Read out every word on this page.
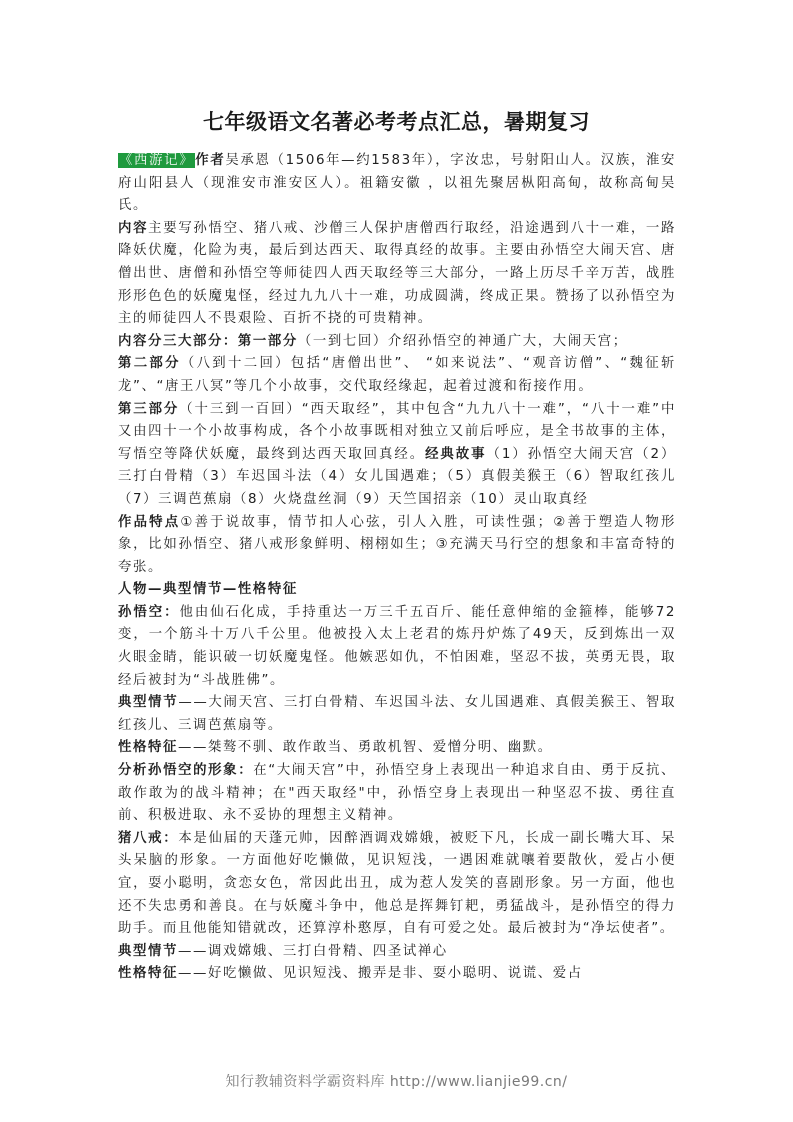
七年级语文名著必考考点汇总，暑期复习

《西游记》作者吴承恩（1506年—约1583年），字汝忠，号射阳山人。汉族，淮安府山阳县人（现淮安市淮安区人）。祖籍安徽 ，以祖先聚居枞阳高甸，故称高甸吴氏。

内容主要写孙悟空、猪八戒、沙僧三人保护唐僧西行取经，沿途遇到八十一难，一路降妖伏魔，化险为夷，最后到达西天、取得真经的故事。主要由孙悟空大闹天宫、唐僧出世、唐僧和孙悟空等师徒四人西天取经等三大部分，一路上历尽千辛万苦，战胜形形色色的妖魔鬼怪，经过九九八十一难，功成圆满，终成正果。赞扬了以孙悟空为主的师徒四人不畏艰险、百折不挠的可贵精神。

内容分三大部分：第一部分（一到七回）介绍孙悟空的神通广大，大闹天宫；

第二部分（八到十二回）包括“唐僧出世”、 “如来说法”、“观音访僧”、“魏征斩龙”、“唐王八冥”等几个小故事，交代取经缘起，起着过渡和衔接作用。

第三部分（十三到一百回）“西天取经”，其中包含“九九八十一难”，“八十一难”中又由四十一个小故事构成，各个小故事既相对独立又前后呼应，是全书故事的主体，写悟空等降伏妖魔，最终到达西天取回真经。经典故事（1）孙悟空大闹天宫（2）三打白骨精（3）车迟国斗法（4）女儿国遇难；（5）真假美猴王（6）智取红孩儿（7）三调芭蕉扇（8）火烧盘丝洞（9）天竺国招亲（10）灵山取真经

作品特点①善于说故事，情节扣人心弦，引人入胜，可读性强；②善于塑造人物形象，比如孙悟空、猪八戒形象鲜明、栩栩如生；③充满天马行空的想象和丰富奇特的夸张。

人物—典型情节—性格特征

孙悟空：他由仙石化成，手持重达一万三千五百斤、能任意伸缩的金箍棒，能够72变，一个筋斗十万八千公里。他被投入太上老君的炼丹炉炼了49天，反到炼出一双火眼金睛，能识破一切妖魔鬼怪。他嫉恶如仇，不怕困难，坚忍不拔，英勇无畏，取经后被封为“斗战胜佛”。

典型情节——大闹天宫、三打白骨精、车迟国斗法、女儿国遇难、真假美猴王、智取红孩儿、三调芭蕉扇等。

性格特征——桀骜不驯、敢作敢当、勇敢机智、爱憎分明、幽默。

分析孙悟空的形象：在“大闹天宫”中，孙悟空身上表现出一种追求自由、勇于反抗、敢作敢为的战斗精神；在"西天取经"中，孙悟空身上表现出一种坚忍不拔、勇往直前、积极进取、永不妥协的理想主义精神。

猪八戒：本是仙届的天蓬元帅，因醉酒调戏嫦娥，被贬下凡，长成一副长嘴大耳、呆头呆脑的形象。一方面他好吃懒做，见识短浅，一遇困难就嚷着要散伙，爱占小便宜，耍小聪明，贪恋女色，常因此出丑，成为惹人发笑的喜剧形象。另一方面，他也还不失忠勇和善良。在与妖魔斗争中，他总是挥舞钉耙，勇猛战斗，是孙悟空的得力助手。而且他能知错就改，还算淳朴憨厚，自有可爱之处。最后被封为“净坛使者”。

典型情节——调戏嫦娥、三打白骨精、四圣试禅心

性格特征——好吃懒做、见识短浅、搬弄是非、耍小聪明、说谎、爱占

知行教辅资料学霸资料库 http://www.lianjie99.cn/
